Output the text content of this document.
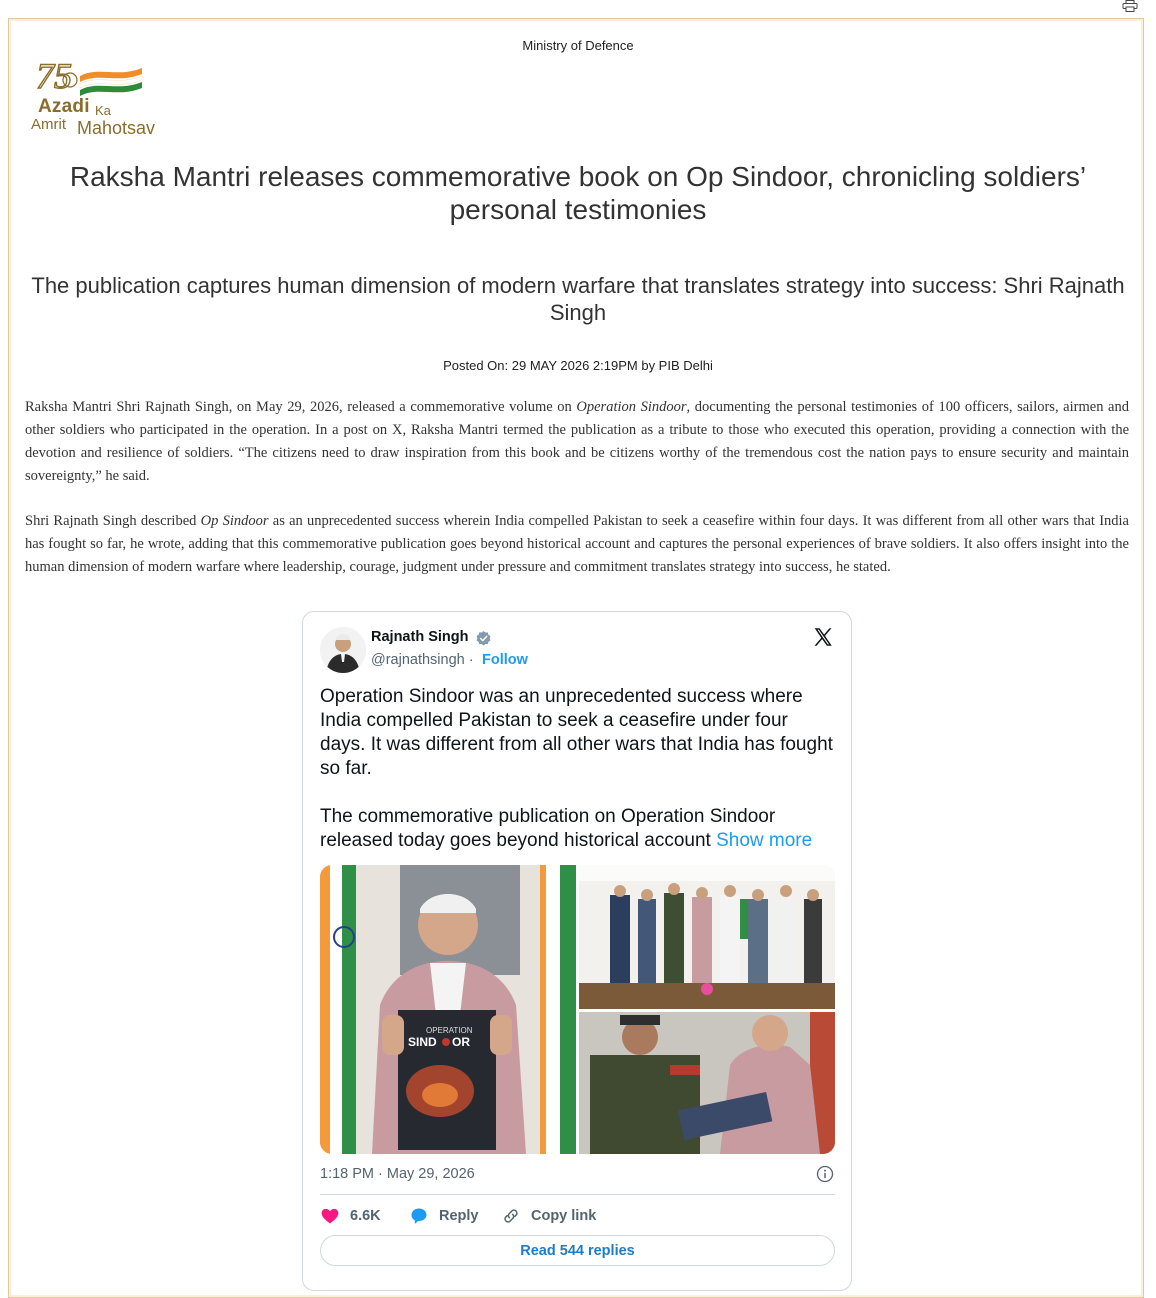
Ministry of Defence
75
Azadi Ka
Amrit Mahotsav
Raksha Mantri releases commemorative book on Op Sindoor, chronicling soldiers’ personal testimonies
The publication captures human dimension of modern warfare that translates strategy into success: Shri Rajnath Singh
Posted On: 29 MAY 2026 2:19PM by PIB Delhi

Raksha Mantri Shri Rajnath Singh, on May 29, 2026, released a commemorative volume on Operation Sindoor, documenting the personal testimonies of 100 officers, sailors, airmen and other soldiers who participated in the operation. In a post on X, Raksha Mantri termed the publication as a tribute to those who executed this operation, providing a connection with the devotion and resilience of soldiers. “The citizens need to draw inspiration from this book and be citizens worthy of the tremendous cost the nation pays to ensure security and maintain sovereignty,” he said.

Shri Rajnath Singh described Op Sindoor as an unprecedented success wherein India compelled Pakistan to seek a ceasefire within four days. It was different from all other wars that India has fought so far, he wrote, adding that this commemorative publication goes beyond historical account and captures the personal experiences of brave soldiers. It also offers insight into the human dimension of modern warfare where leadership, courage, judgment under pressure and commitment translates strategy into success, he stated.

Rajnath Singh
@rajnathsingh · Follow
Operation Sindoor was an unprecedented success where India compelled Pakistan to seek a ceasefire under four days. It was different from all other wars that India has fought so far.
The commemorative publication on Operation Sindoor released today goes beyond historical account Show more
OPERATION
SIND OR
1:18 PM · May 29, 2026
6.6K	Reply	Copy link
Read 544 replies
